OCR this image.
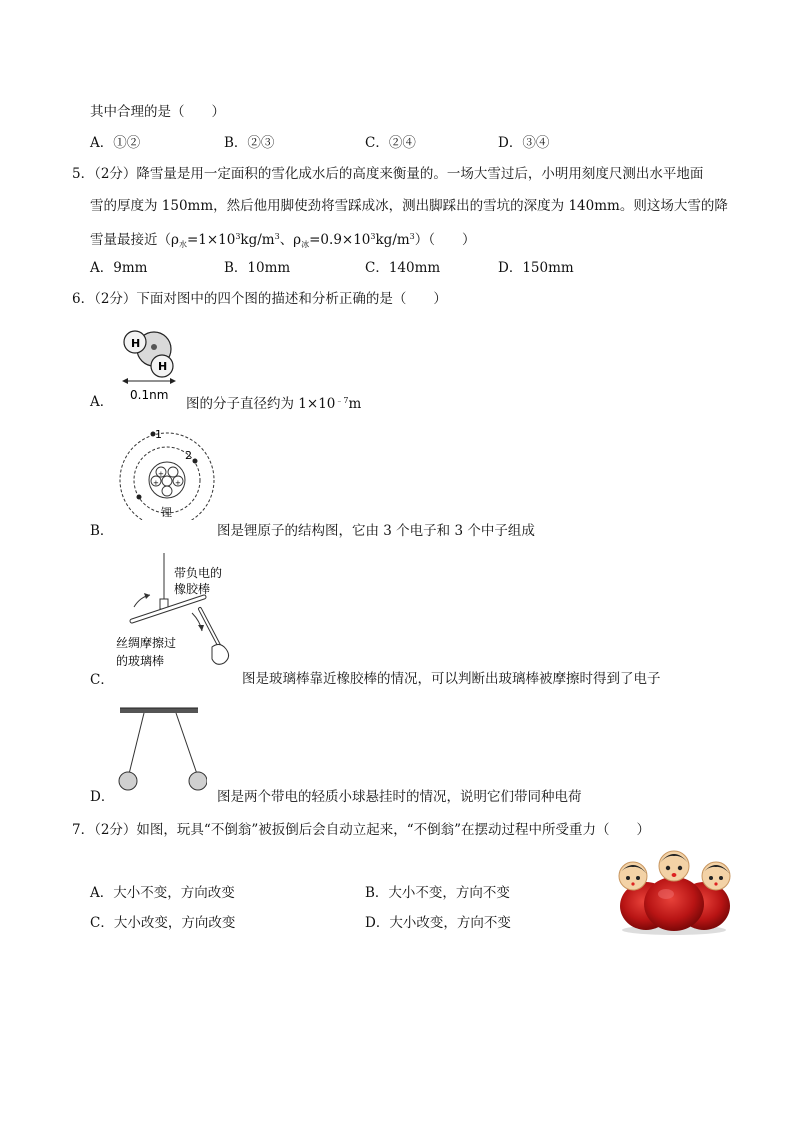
其中合理的是（　　）
A．①②	B．②③	C．②④	D．③④
5．（2分）降雪量是用一定面积的雪化成水后的高度来衡量的。一场大雪过后，小明用刻度尺测出水平地面
雪的厚度为 150mm，然后他用脚使劲将雪踩成冰，测出脚踩出的雪坑的深度为 140mm。则这场大雪的降
雪量最接近（$\rho_水=1\times 10^3kg/m^3$、$\rho_冰=0.9\times 10^3kg/m^3$）（　　）
A．9mm	B．10mm	C．140mm	D．150mm
6．（2分）下面对图中的四个图的描述和分析正确的是（　　）
H
H
0.1nm
A．	图的分子直径约为 $1\times 10^{﹣7}m$
+
+ +
1
2
锂
B．	图是锂原子的结构图，它由 3 个电子和 3 个中子组成
带负电的
橡胶棒
丝绸摩擦过
的玻璃棒
C．	图是玻璃棒靠近橡胶棒的情况，可以判断出玻璃棒被摩擦时得到了电子
D．	图是两个带电的轻质小球悬挂时的情况，说明它们带同种电荷
7．（2分）如图，玩具“不倒翁”被扳倒后会自动立起来，“不倒翁”在摆动过程中所受重力（　　）
A．大小不变，方向改变	B．大小不变，方向不变
C．大小改变，方向改变	D．大小改变，方向不变
